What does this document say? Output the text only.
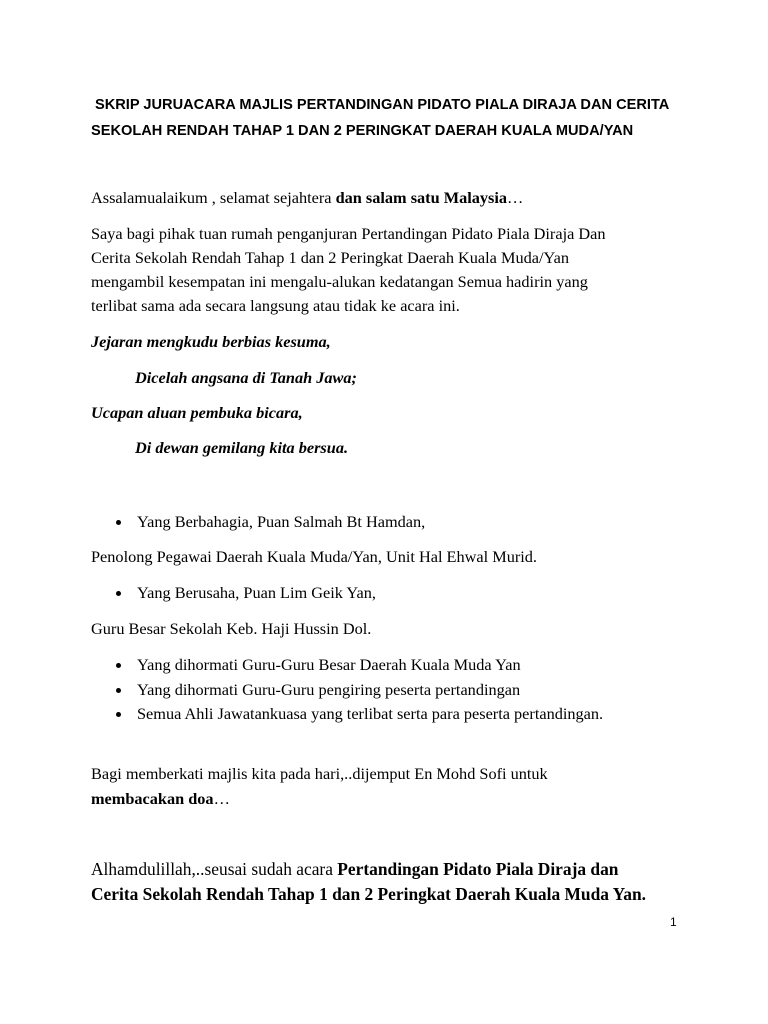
SKRIP JURUACARA MAJLIS PERTANDINGAN PIDATO PIALA DIRAJA DAN CERITA SEKOLAH RENDAH TAHAP 1 DAN 2 PERINGKAT DAERAH KUALA MUDA/YAN

Assalamualaikum , selamat sejahtera dan salam satu Malaysia…

Saya bagi pihak tuan rumah penganjuran Pertandingan Pidato Piala Diraja Dan

Cerita Sekolah Rendah Tahap 1 dan 2 Peringkat Daerah Kuala Muda/Yan

mengambil kesempatan ini mengalu-alukan kedatangan Semua hadirin yang

terlibat sama ada secara langsung atau tidak ke acara ini.

Jejaran mengkudu berbias kesuma,

Dicelah angsana di Tanah Jawa;

Ucapan aluan pembuka bicara,

Di dewan gemilang kita bersua.

Yang Berbahagia, Puan Salmah Bt Hamdan,

Penolong Pegawai Daerah Kuala Muda/Yan, Unit Hal Ehwal Murid.

Yang Berusaha, Puan Lim Geik Yan,

Guru Besar Sekolah Keb. Haji Hussin Dol.

Yang dihormati Guru-Guru Besar Daerah Kuala Muda Yan
Yang dihormati Guru-Guru pengiring peserta pertandingan
Semua Ahli Jawatankuasa yang terlibat serta para peserta pertandingan.

Bagi memberkati majlis kita pada hari,..dijemput En Mohd Sofi untuk

membacakan doa…

Alhamdulillah,..seusai sudah acara Pertandingan Pidato Piala Diraja dan

Cerita Sekolah Rendah Tahap 1 dan 2 Peringkat Daerah Kuala Muda Yan.

1
